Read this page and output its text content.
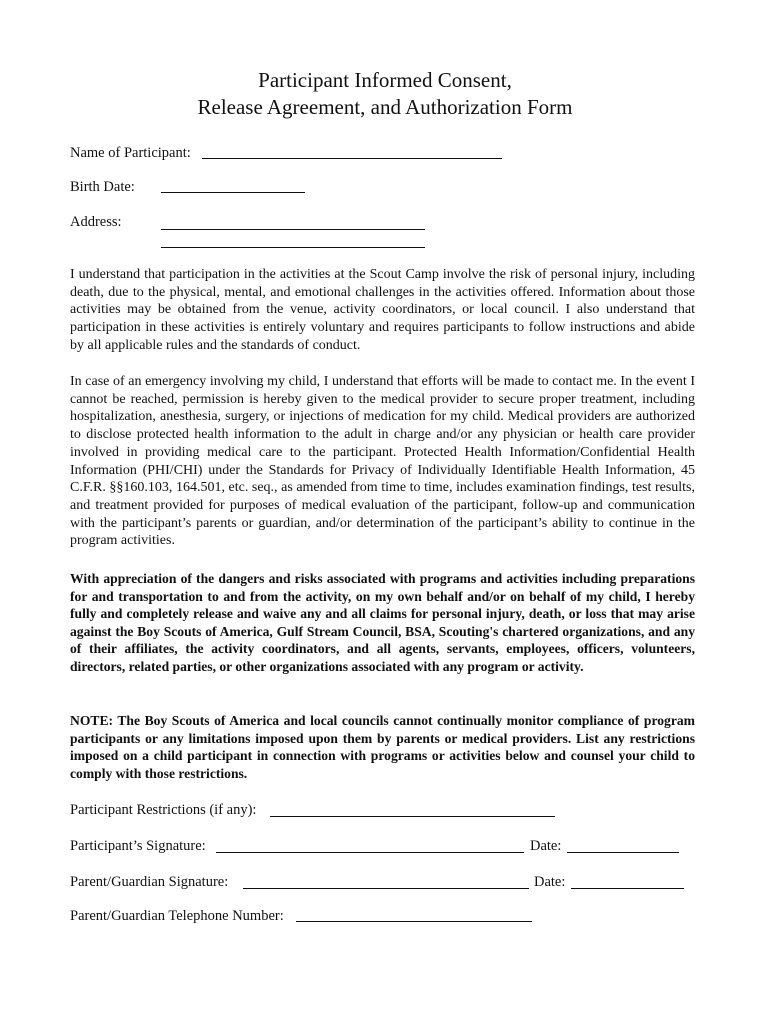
Participant Informed Consent,
Release Agreement, and Authorization Form
Name of Participant:
Birth Date:
Address:

I understand that participation in the activities at the Scout Camp involve the risk of personal injury, including death, due to the physical, mental, and emotional challenges in the activities offered. Information about those activities may be obtained from the venue, activity coordinators, or local council. I also understand that participation in these activities is entirely voluntary and requires participants to follow instructions and abide by all applicable rules and the standards of conduct.

In case of an emergency involving my child, I understand that efforts will be made to contact me. In the event I cannot be reached, permission is hereby given to the medical provider to secure proper treatment, including hospitalization, anesthesia, surgery, or injections of medication for my child. Medical providers are authorized to disclose protected health information to the adult in charge and/or any physician or health care provider involved in providing medical care to the participant. Protected Health Information/Confidential Health Information (PHI/CHI) under the Standards for Privacy of Individually Identifiable Health Information, 45 C.F.R. §§160.103, 164.501, etc. seq., as amended from time to time, includes examination findings, test results, and treatment provided for purposes of medical evaluation of the participant, follow-up and communication with the participant’s parents or guardian, and/or determination of the participant’s ability to continue in the program activities.

With appreciation of the dangers and risks associated with programs and activities including preparations for and transportation to and from the activity, on my own behalf and/or on behalf of my child, I hereby fully and completely release and waive any and all claims for personal injury, death, or loss that may arise against the Boy Scouts of America, Gulf Stream Council, BSA, Scouting's chartered organizations, and any of their affiliates, the activity coordinators, and all agents, servants, employees, officers, volunteers, directors, related parties, or other organizations associated with any program or activity.

NOTE: The Boy Scouts of America and local councils cannot continually monitor compliance of program participants or any limitations imposed upon them by parents or medical providers. List any restrictions imposed on a child participant in connection with programs or activities below and counsel your child to comply with those restrictions.

Participant Restrictions (if any):
Participant’s Signature:	Date:
Parent/Guardian Signature:	Date:
Parent/Guardian Telephone Number:
